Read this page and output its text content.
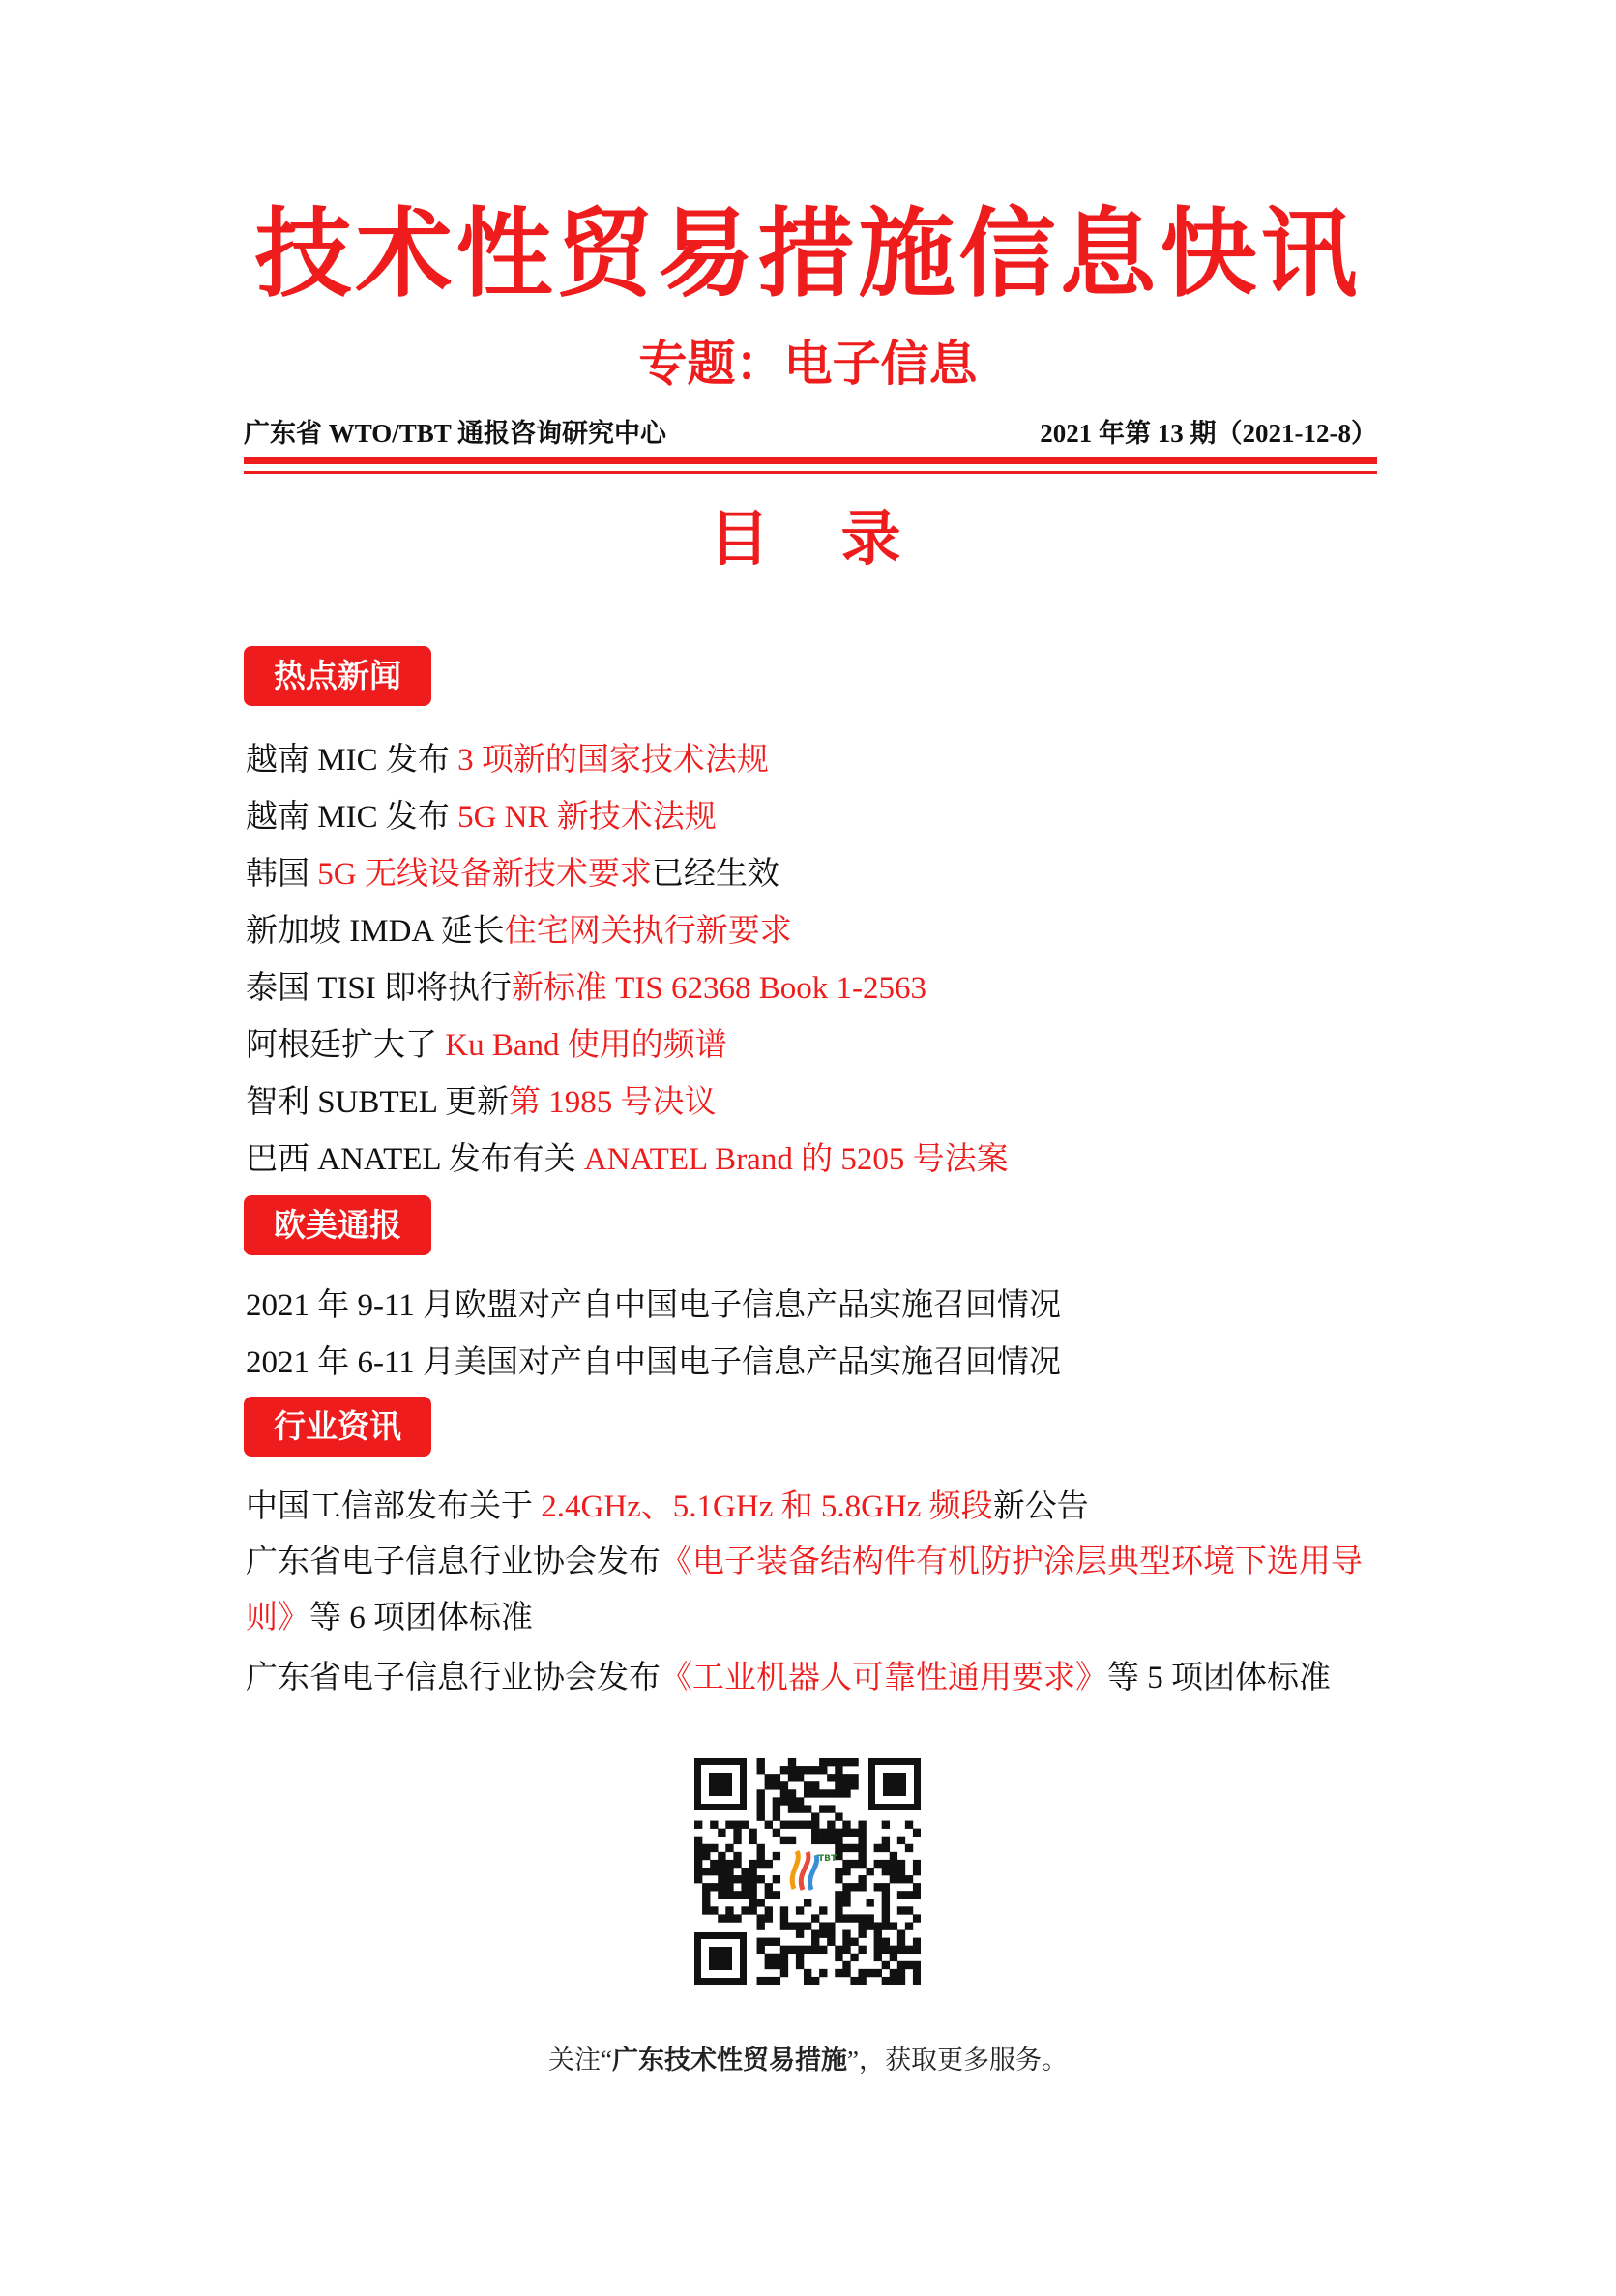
技术性贸易措施信息快讯
专题：电子信息
广东省 WTO/TBT 通报咨询研究中心	2021 年第 13 期（2021-12-8）
目　录
热点新闻
越南 MIC 发布 3 项新的国家技术法规
越南 MIC 发布 5G NR 新技术法规
韩国 5G 无线设备新技术要求已经生效
新加坡 IMDA 延长住宅网关执行新要求
泰国 TISI 即将执行新标准 TIS 62368 Book 1-2563
阿根廷扩大了 Ku Band 使用的频谱
智利 SUBTEL 更新第 1985 号决议
巴西 ANATEL 发布有关 ANATEL Brand 的 5205 号法案
欧美通报
2021 年 9-11 月欧盟对产自中国电子信息产品实施召回情况
2021 年 6-11 月美国对产自中国电子信息产品实施召回情况
行业资讯
中国工信部发布关于 2.4GHz、5.1GHz 和 5.8GHz 频段新公告
广东省电子信息行业协会发布《电子装备结构件有机防护涂层典型环境下选用导则》等 6 项团体标准
广东省电子信息行业协会发布《工业机器人可靠性通用要求》等 5 项团体标准
TBT
关注“广东技术性贸易措施”，获取更多服务。
